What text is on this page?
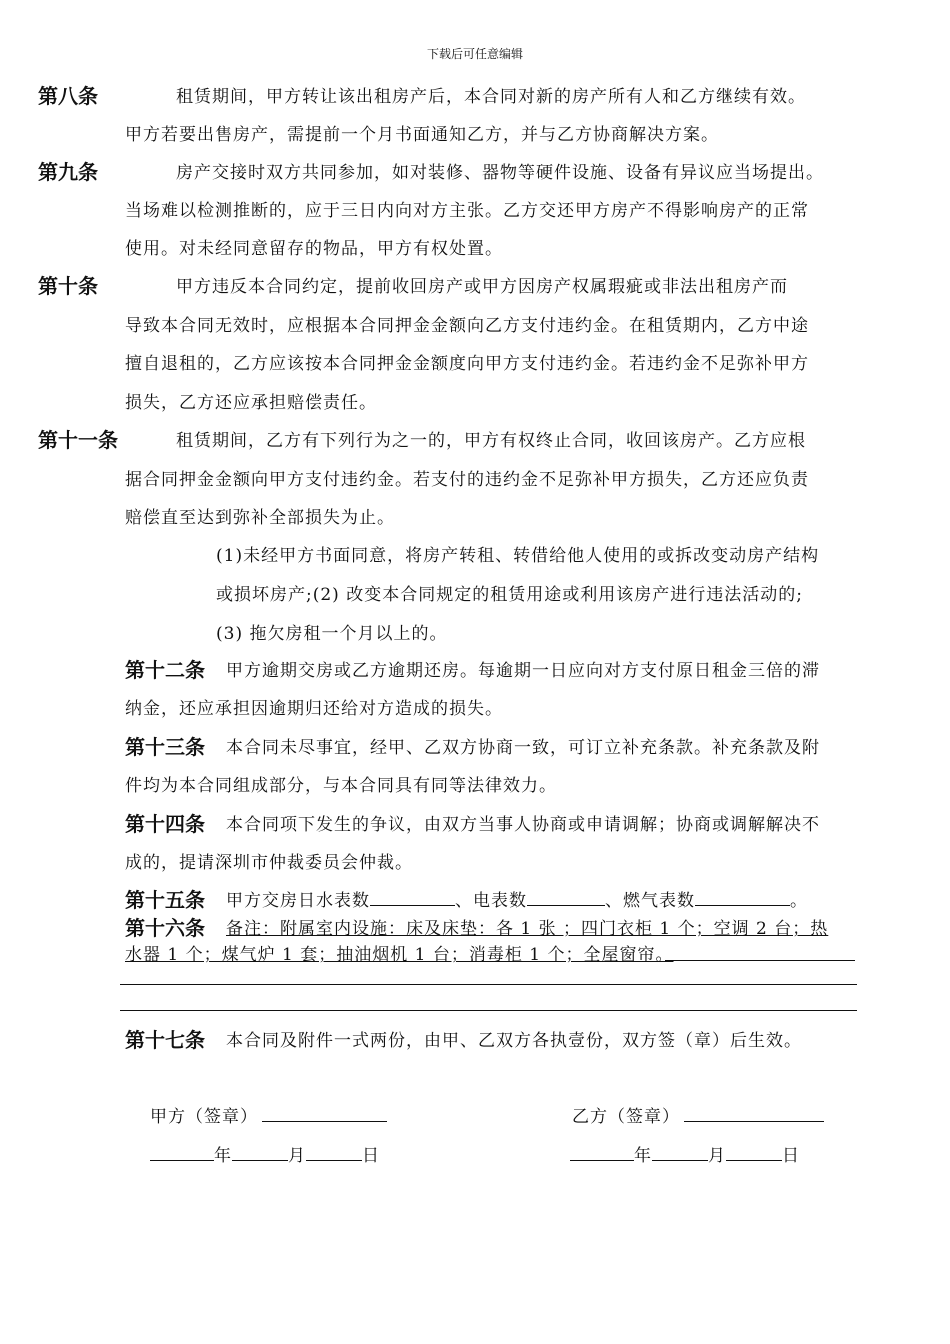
下载后可任意编辑
第八条	租赁期间，甲方转让该出租房产后，本合同对新的房产所有人和乙方继续有效。
甲方若要出售房产，需提前一个月书面通知乙方，并与乙方协商解决方案。
第九条	房产交接时双方共同参加，如对装修、器物等硬件设施、设备有异议应当场提出。
当场难以检测推断的，应于三日内向对方主张。乙方交还甲方房产不得影响房产的正常
使用。对未经同意留存的物品，甲方有权处置。
第十条	甲方违反本合同约定，提前收回房产或甲方因房产权属瑕疵或非法出租房产而
导致本合同无效时，应根据本合同押金金额向乙方支付违约金。在租赁期内，乙方中途
擅自退租的，乙方应该按本合同押金金额度向甲方支付违约金。若违约金不足弥补甲方
损失，乙方还应承担赔偿责任。
第十一条	租赁期间，乙方有下列行为之一的，甲方有权终止合同，收回该房产。乙方应根
据合同押金金额向甲方支付违约金。若支付的违约金不足弥补甲方损失，乙方还应负责
赔偿直至达到弥补全部损失为止。
(1)未经甲方书面同意，将房产转租、转借给他人使用的或拆改变动房产结构
或损坏房产;(2) 改变本合同规定的租赁用途或利用该房产进行违法活动的;
(3) 拖欠房租一个月以上的。
第十二条 甲方逾期交房或乙方逾期还房。每逾期一日应向对方支付原日租金三倍的滞
纳金，还应承担因逾期归还给对方造成的损失。
第十三条 本合同未尽事宜，经甲、乙双方协商一致，可订立补充条款。补充条款及附
件均为本合同组成部分，与本合同具有同等法律效力。
第十四条 本合同项下发生的争议，由双方当事人协商或申请调解；协商或调解解决不
成的，提请深圳市仲裁委员会仲裁。
第十五条 甲方交房日水表数	、电表数	、燃气表数	。
第十六条 备注：附属室内设施：床及床垫：各 1 张 ；四门衣柜 1 个；空调 2 台；热
水器 1 个；煤气炉 1 套；抽油烟机 1 台；消毒柜 1 个；全屋窗帘。
第十七条 本合同及附件一式两份，由甲、乙双方各执壹份，双方签（章）后生效。
甲方（签章）	乙方（签章）
年	月	日	年	月	日
